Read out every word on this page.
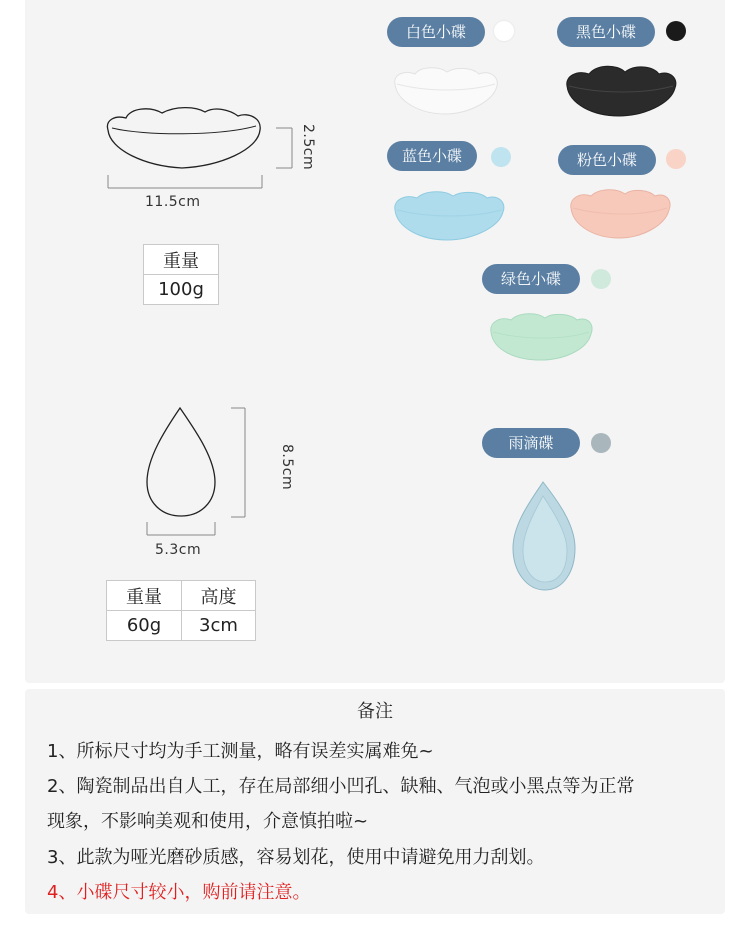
11.5cm
2.5cm
重量
100g
5.3cm
8.5cm
重量	高度
60g	3cm
白色小碟	黑色小碟
蓝色小碟	粉色小碟
绿色小碟
雨滴碟
备注
1、所标尺寸均为手工测量，略有误差实属难免~
2、陶瓷制品出自人工，存在局部细小凹孔、缺釉、气泡或小黑点等为正常
现象，不影响美观和使用，介意慎拍啦~
3、此款为哑光磨砂质感，容易划花，使用中请避免用力刮划。
4、小碟尺寸较小，购前请注意。
